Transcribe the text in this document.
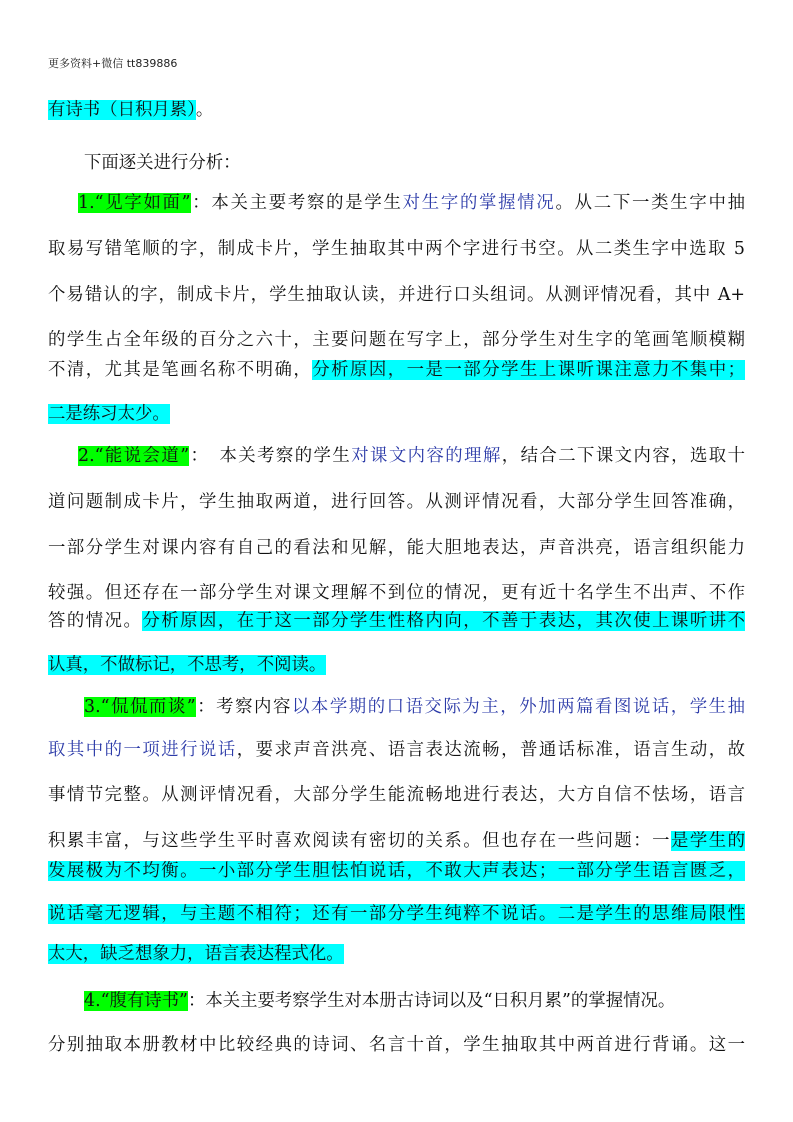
更多资料+微信 tt839886
有诗书（日积月累）。
下面逐关进行分析：
1.“见字如面”：本关主要考察的是学生对生字的掌握情况。从二下一类生字中抽
取易写错笔顺的字，制成卡片，学生抽取其中两个字进行书空。从二类生字中选取 5
个易错认的字，制成卡片，学生抽取认读，并进行口头组词。从测评情况看，其中 A+
的学生占全年级的百分之六十，主要问题在写字上，部分学生对生字的笔画笔顺模糊
不清，尤其是笔画名称不明确，分析原因，一是一部分学生上课听课注意力不集中；
二是练习太少。
2.“能说会道”：　本关考察的学生对课文内容的理解，结合二下课文内容，选取十
道问题制成卡片，学生抽取两道，进行回答。从测评情况看，大部分学生回答准确，
一部分学生对课内容有自己的看法和见解，能大胆地表达，声音洪亮，语言组织能力
较强。但还存在一部分学生对课文理解不到位的情况，更有近十名学生不出声、不作
答的情况。分析原因，在于这一部分学生性格内向，不善于表达，其次使上课听讲不
认真，不做标记，不思考，不阅读。
3.“侃侃而谈”：考察内容以本学期的口语交际为主，外加两篇看图说话，学生抽
取其中的一项进行说话，要求声音洪亮、语言表达流畅，普通话标准，语言生动，故
事情节完整。从测评情况看，大部分学生能流畅地进行表达，大方自信不怯场，语言
积累丰富，与这些学生平时喜欢阅读有密切的关系。但也存在一些问题：一是学生的
发展极为不均衡。一小部分学生胆怯怕说话，不敢大声表达；一部分学生语言匮乏，
说话毫无逻辑，与主题不相符；还有一部分学生纯粹不说话。二是学生的思维局限性
太大，缺乏想象力，语言表达程式化。
4.“腹有诗书”：本关主要考察学生对本册古诗词以及“日积月累”的掌握情况。
分别抽取本册教材中比较经典的诗词、名言十首，学生抽取其中两首进行背诵。这一
